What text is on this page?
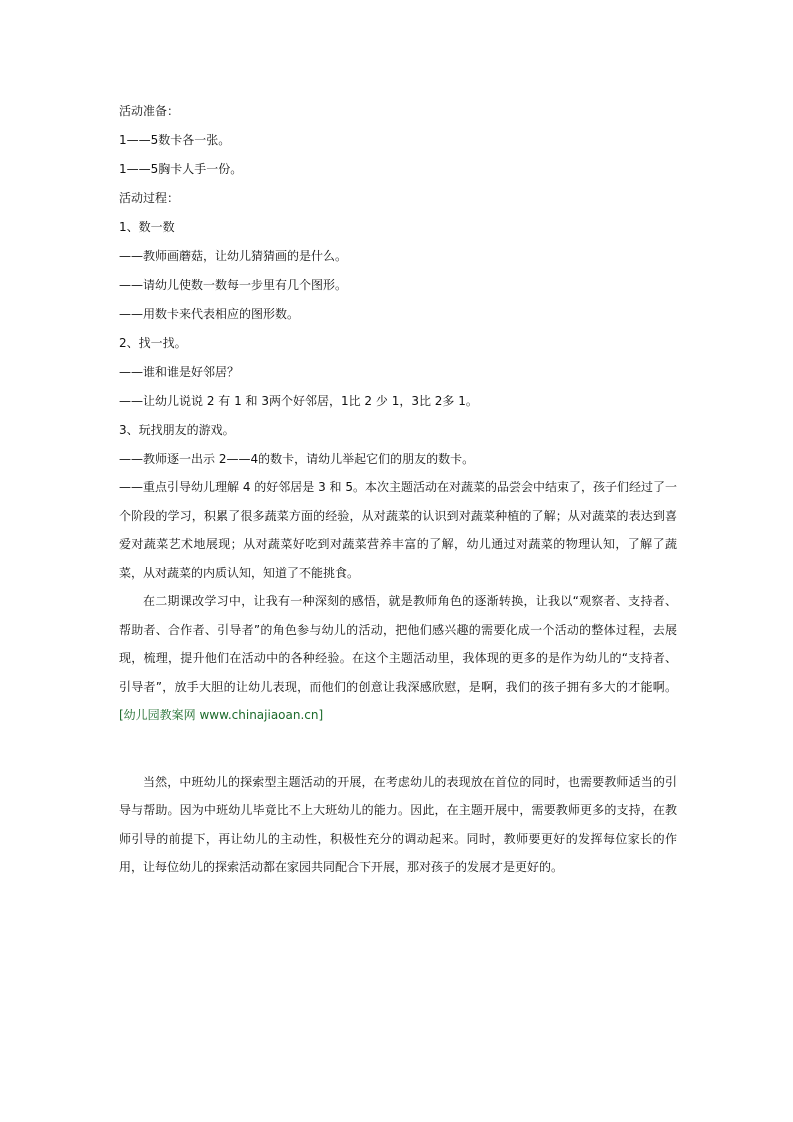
活动准备：

1——5数卡各一张。

1——5胸卡人手一份。

活动过程：

1、数一数

——教师画蘑菇，让幼儿猜猜画的是什么。

——请幼儿使数一数每一步里有几个图形。

——用数卡来代表相应的图形数。

2、找一找。

——谁和谁是好邻居？

——让幼儿说说 2 有 1 和 3两个好邻居，1比 2 少 1，3比 2多 1。

3、玩找朋友的游戏。

——教师逐一出示 2——4的数卡，请幼儿举起它们的朋友的数卡。

——重点引导幼儿理解 4 的好邻居是 3 和 5。本次主题活动在对蔬菜的品尝会中结束了，孩子们经过了一个阶段的学习，积累了很多蔬菜方面的经验，从对蔬菜的认识到对蔬菜种植的了解；从对蔬菜的表达到喜爱对蔬菜艺术地展现；从对蔬菜好吃到对蔬菜营养丰富的了解，幼儿通过对蔬菜的物理认知，了解了蔬菜，从对蔬菜的内质认知，知道了不能挑食。

在二期课改学习中，让我有一种深刻的感悟，就是教师角色的逐渐转换，让我以“观察者、支持者、帮助者、合作者、引导者”的角色参与幼儿的活动，把他们感兴趣的需要化成一个活动的整体过程，去展现，梳理，提升他们在活动中的各种经验。在这个主题活动里，我体现的更多的是作为幼儿的“支持者、引导者”，放手大胆的让幼儿表现，而他们的创意让我深感欣慰，是啊，我们的孩子拥有多大的才能啊。 [幼儿园教案网 www.chinajiaoan.cn]

当然，中班幼儿的探索型主题活动的开展，在考虑幼儿的表现放在首位的同时，也需要教师适当的引导与帮助。因为中班幼儿毕竟比不上大班幼儿的能力。因此，在主题开展中，需要教师更多的支持，在教师引导的前提下，再让幼儿的主动性，积极性充分的调动起来。同时，教师要更好的发挥每位家长的作用，让每位幼儿的探索活动都在家园共同配合下开展，那对孩子的发展才是更好的。
